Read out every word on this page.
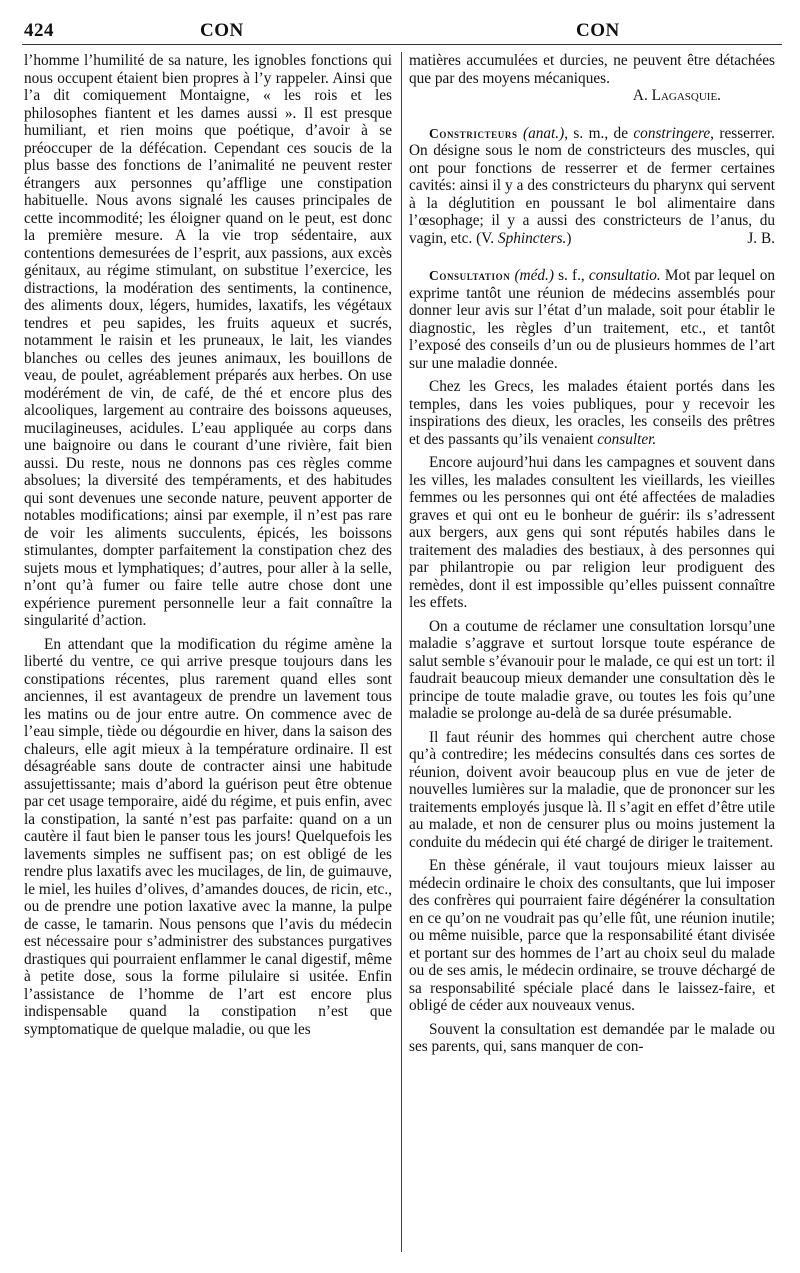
424	CON	CON

l’homme l’humilité de sa nature, les ignobles fonctions qui nous occupent étaient bien propres à l’y rappeler. Ainsi que l’a dit comiquement Montaigne, « les rois et les philosophes fiantent et les dames aussi ». Il est presque humiliant, et rien moins que poétique, d’avoir à se préoccuper de la défécation. Cependant ces soucis de la plus basse des fonctions de l’animalité ne peuvent rester étrangers aux personnes qu’afflige une constipation habituelle. Nous avons signalé les causes principales de cette incommodité; les éloigner quand on le peut, est donc la première mesure. A la vie trop sédentaire, aux contentions demesurées de l’esprit, aux passions, aux excès génitaux, au régime stimulant, on substitue l’exercice, les distractions, la modération des sentiments, la continence, des aliments doux, légers, humides, laxatifs, les végétaux tendres et peu sapides, les fruits aqueux et sucrés, notamment le raisin et les pruneaux, le lait, les viandes blanches ou celles des jeunes animaux, les bouillons de veau, de poulet, agréablement préparés aux herbes. On use modérément de vin, de café, de thé et encore plus des alcooliques, largement au contraire des boissons aqueuses, mucilagineuses, acidules. L’eau appliquée au corps dans une baignoire ou dans le courant d’une rivière, fait bien aussi. Du reste, nous ne donnons pas ces règles comme absolues; la diversité des tempéraments, et des habitudes qui sont devenues une seconde nature, peuvent apporter de notables modifications; ainsi par exemple, il n’est pas rare de voir les aliments succulents, épicés, les boissons stimulantes, dompter parfaitement la constipation chez des sujets mous et lymphatiques; d’autres, pour aller à la selle, n’ont qu’à fumer ou faire telle autre chose dont une expérience purement personnelle leur a fait connaître la singularité d’action.

En attendant que la modification du régime amène la liberté du ventre, ce qui arrive presque toujours dans les constipations récentes, plus rarement quand elles sont anciennes, il est avantageux de prendre un lavement tous les matins ou de jour entre autre. On commence avec de l’eau simple, tiède ou dégourdie en hiver, dans la saison des chaleurs, elle agit mieux à la température ordinaire. Il est désagréable sans doute de contracter ainsi une habitude assujettissante; mais d’abord la guérison peut être obtenue par cet usage temporaire, aidé du régime, et puis enfin, avec la constipation, la santé n’est pas parfaite: quand on a un cautère il faut bien le panser tous les jours! Quelquefois les lavements simples ne suffisent pas; on est obligé de les rendre plus laxatifs avec les mucilages, de lin, de guimauve, le miel, les huiles d’olives, d’amandes douces, de ricin, etc., ou de prendre une potion laxative avec la manne, la pulpe de casse, le tamarin. Nous pensons que l’avis du médecin est nécessaire pour s’administrer des substances purgatives drastiques qui pourraient enflammer le canal digestif, même à petite dose, sous la forme pilulaire si usitée. Enfin l’assistance de l’homme de l’art est encore plus indispensable quand la constipation n’est que symptomatique de quelque maladie, ou que les

matières accumulées et durcies, ne peuvent être détachées que par des moyens mécaniques.

A. Lagasquie.

Constricteurs (anat.), s. m., de constringere, resserrer. On désigne sous le nom de constricteurs des muscles, qui ont pour fonctions de resserrer et de fermer certaines cavités: ainsi il y a des constricteurs du pharynx qui servent à la déglutition en poussant le bol alimentaire dans l’œsophage; il y a aussi des constricteurs de l’anus, du vagin, etc. (V. Sphincters.)	J. B.

Consultation (méd.) s. f., consultatio. Mot par lequel on exprime tantôt une réunion de médecins assemblés pour donner leur avis sur l’état d’un malade, soit pour établir le diagnostic, les règles d’un traitement, etc., et tantôt l’exposé des conseils d’un ou de plusieurs hommes de l’art sur une maladie donnée.

Chez les Grecs, les malades étaient portés dans les temples, dans les voies publiques, pour y recevoir les inspirations des dieux, les oracles, les conseils des prêtres et des passants qu’ils venaient consulter.

Encore aujourd’hui dans les campagnes et souvent dans les villes, les malades consultent les vieillards, les vieilles femmes ou les personnes qui ont été affectées de maladies graves et qui ont eu le bonheur de guérir: ils s’adressent aux bergers, aux gens qui sont réputés habiles dans le traitement des maladies des bestiaux, à des personnes qui par philantropie ou par religion leur prodiguent des remèdes, dont il est impossible qu’elles puissent connaître les effets.

On a coutume de réclamer une consultation lorsqu’une maladie s’aggrave et surtout lorsque toute espérance de salut semble s’évanouir pour le malade, ce qui est un tort: il faudrait beaucoup mieux demander une consultation dès le principe de toute maladie grave, ou toutes les fois qu’une maladie se prolonge au-delà de sa durée présumable.

Il faut réunir des hommes qui cherchent autre chose qu’à contredire; les médecins consultés dans ces sortes de réunion, doivent avoir beaucoup plus en vue de jeter de nouvelles lumières sur la maladie, que de prononcer sur les traitements employés jusque là. Il s’agit en effet d’être utile au malade, et non de censurer plus ou moins justement la conduite du médecin qui été chargé de diriger le traitement.

En thèse générale, il vaut toujours mieux laisser au médecin ordinaire le choix des consultants, que lui imposer des confrères qui pourraient faire dégénérer la consultation en ce qu’on ne voudrait pas qu’elle fût, une réunion inutile; ou même nuisible, parce que la responsabilité étant divisée et portant sur des hommes de l’art au choix seul du malade ou de ses amis, le médecin ordinaire, se trouve déchargé de sa responsabilité spéciale placé dans le laissez-faire, et obligé de céder aux nouveaux venus.

Souvent la consultation est demandée par le malade ou ses parents, qui, sans manquer de con-
